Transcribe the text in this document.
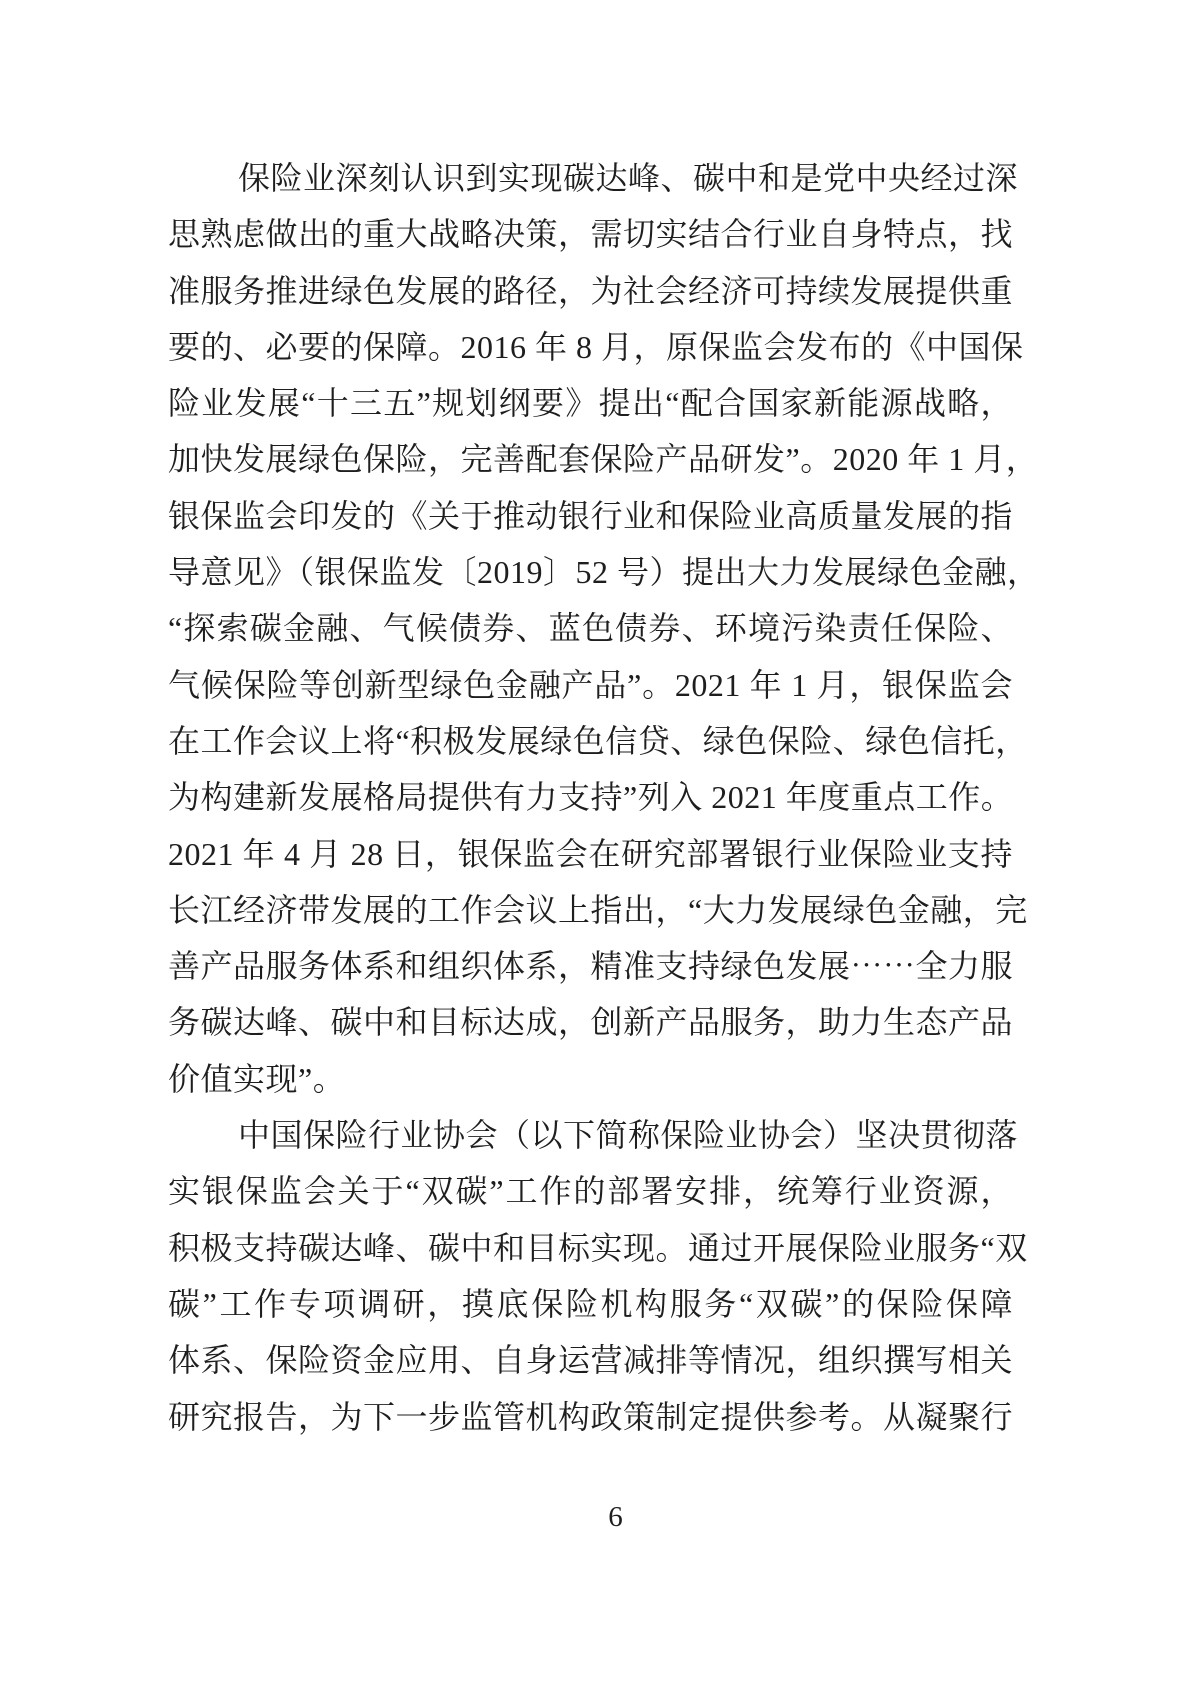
保险业深刻认识到实现碳达峰、碳中和是党中央经过深
思熟虑做出的重大战略决策，需切实结合行业自身特点，找
准服务推进绿色发展的路径，为社会经济可持续发展提供重
要的、必要的保障。2016 年 8 月，原保监会发布的《中国保
险业发展“十三五”规划纲要》提出“配合国家新能源战略，
加快发展绿色保险，完善配套保险产品研发”。2020 年 1 月，
银保监会印发的《关于推动银行业和保险业高质量发展的指
导意见》（银保监发〔2019〕52 号）提出大力发展绿色金融，
“探索碳金融、气候债券、蓝色债券、环境污染责任保险、
气候保险等创新型绿色金融产品”。2021 年 1 月，银保监会
在工作会议上将“积极发展绿色信贷、绿色保险、绿色信托，
为构建新发展格局提供有力支持”列入 2021 年度重点工作。
2021 年 4 月 28 日，银保监会在研究部署银行业保险业支持
长江经济带发展的工作会议上指出，“大力发展绿色金融，完
善产品服务体系和组织体系，精准支持绿色发展⋯⋯全力服
务碳达峰、碳中和目标达成，创新产品服务，助力生态产品
价值实现”。
中国保险行业协会（以下简称保险业协会）坚决贯彻落
实银保监会关于“双碳”工作的部署安排，统筹行业资源，
积极支持碳达峰、碳中和目标实现。通过开展保险业服务“双
碳”工作专项调研，摸底保险机构服务“双碳”的保险保障
体系、保险资金应用、自身运营减排等情况，组织撰写相关
研究报告，为下一步监管机构政策制定提供参考。从凝聚行
6
